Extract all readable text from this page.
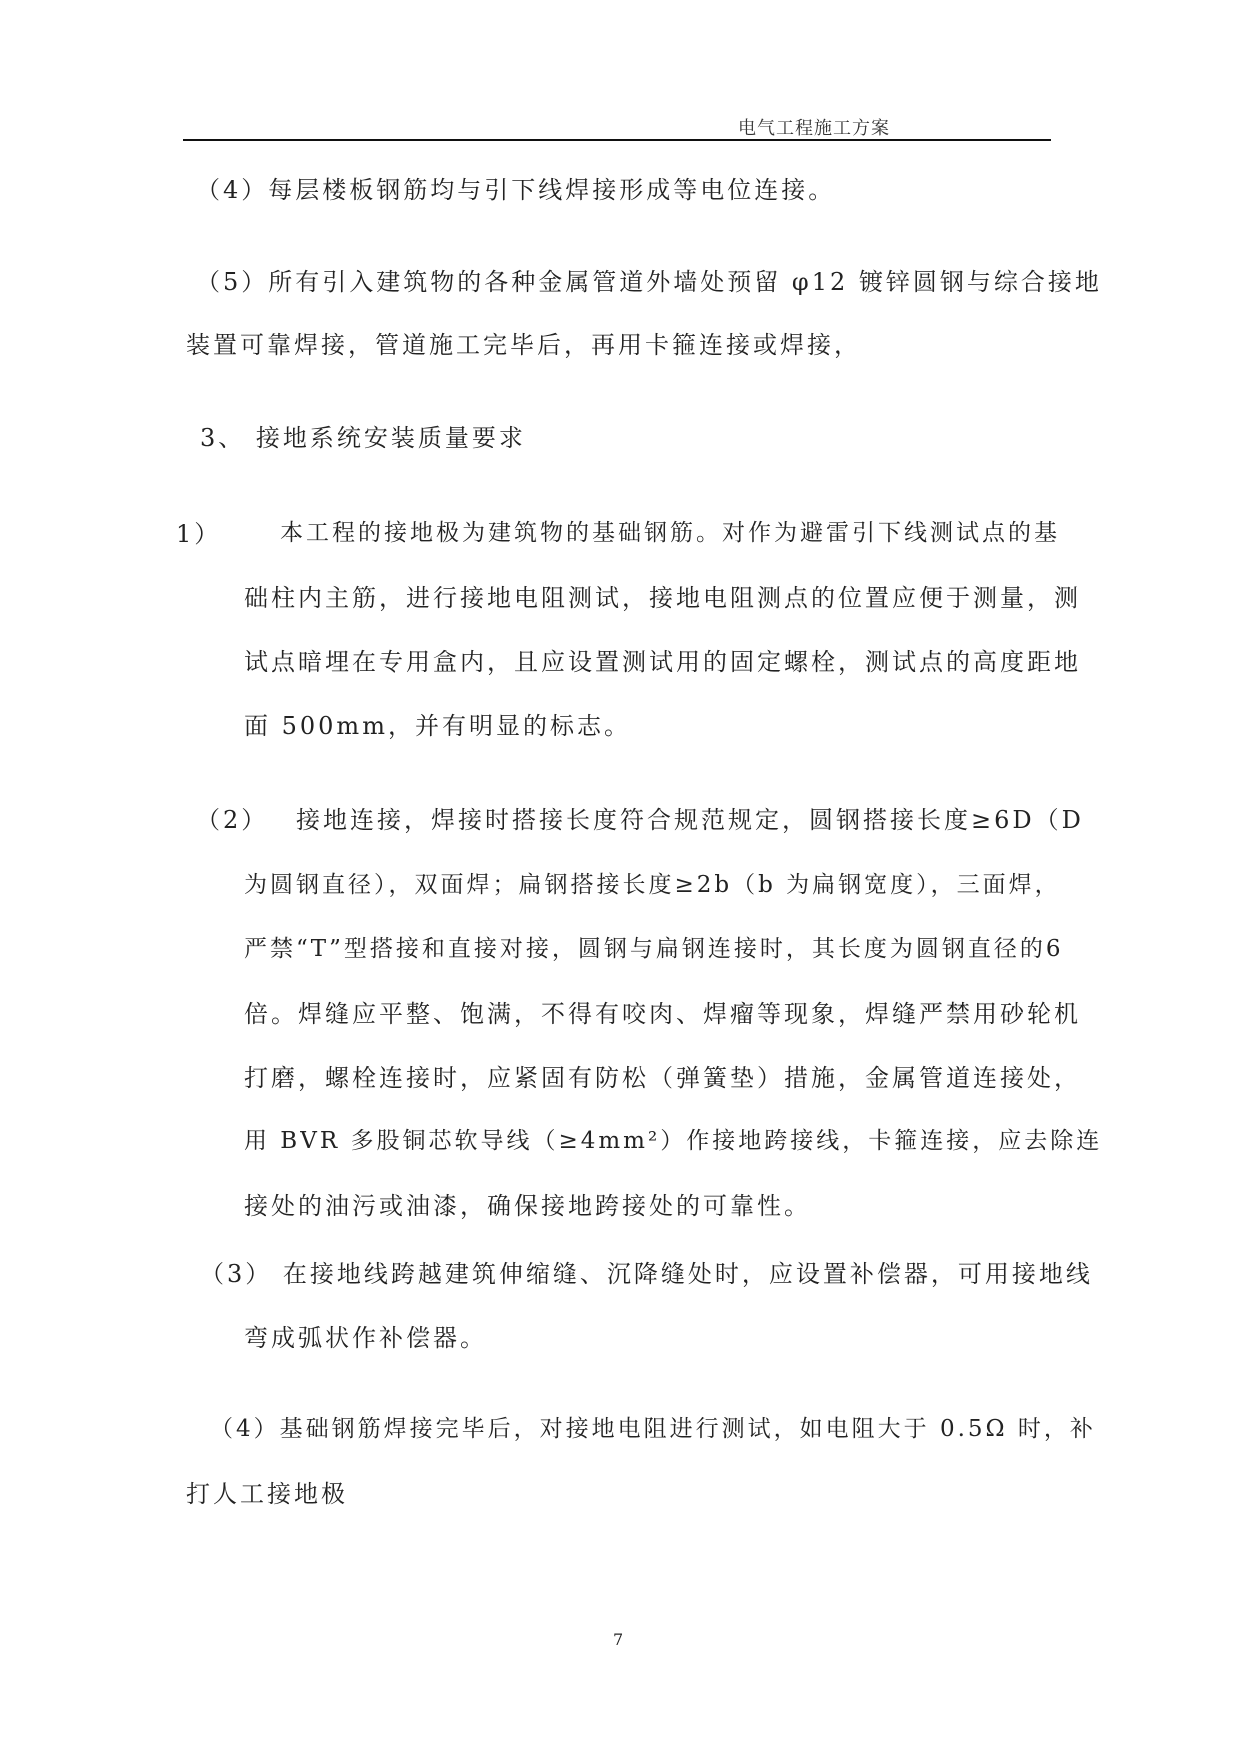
电气工程施工方案
（4）每层楼板钢筋均与引下线焊接形成等电位连接。
（5）所有引入建筑物的各种金属管道外墙处预留 φ12 镀锌圆钢与综合接地
装置可靠焊接，管道施工完毕后，再用卡箍连接或焊接，
3、 接地系统安装质量要求
1）	本工程的接地极为建筑物的基础钢筋。对作为避雷引下线测试点的基
础柱内主筋，进行接地电阻测试，接地电阻测点的位置应便于测量，测
试点暗埋在专用盒内，且应设置测试用的固定螺栓，测试点的高度距地
面 500mm，并有明显的标志。
（2） 接地连接，焊接时搭接长度符合规范规定，圆钢搭接长度≥6D（D
为圆钢直径），双面焊；扁钢搭接长度≥2b（b 为扁钢宽度），三面焊，
严禁“T”型搭接和直接对接，圆钢与扁钢连接时，其长度为圆钢直径的6
倍。焊缝应平整、饱满，不得有咬肉、焊瘤等现象，焊缝严禁用砂轮机
打磨，螺栓连接时，应紧固有防松（弹簧垫）措施，金属管道连接处，
用 BVR 多股铜芯软导线（≥4mm²）作接地跨接线，卡箍连接，应去除连
接处的油污或油漆，确保接地跨接处的可靠性。
（3） 在接地线跨越建筑伸缩缝、沉降缝处时，应设置补偿器，可用接地线
弯成弧状作补偿器。
（4）基础钢筋焊接完毕后，对接地电阻进行测试，如电阻大于 0.5Ω 时，补
打人工接地极
7
